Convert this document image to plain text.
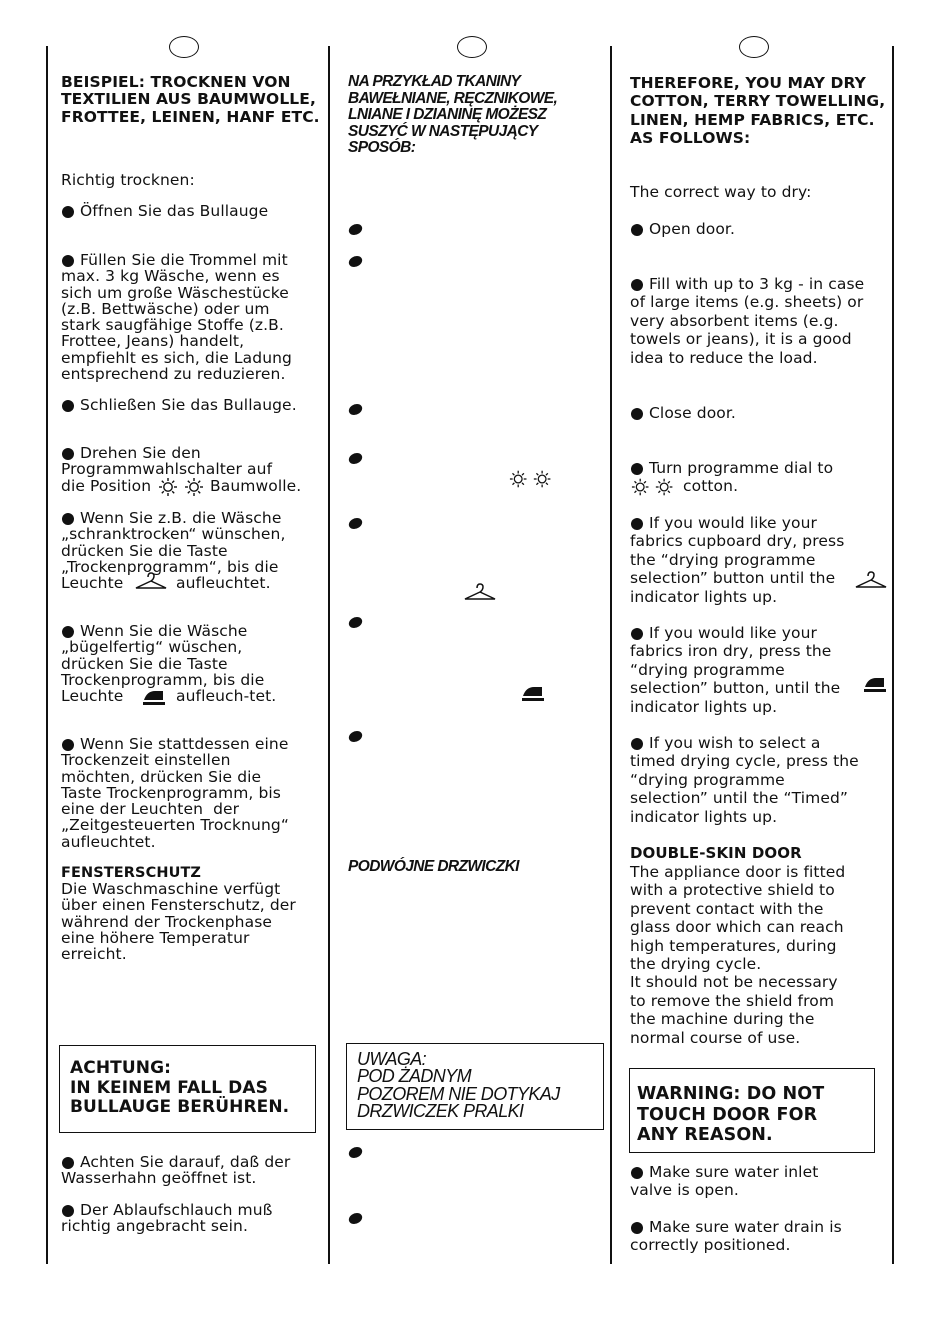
BEISPIEL: TROCKNEN VON
TEXTILIEN AUS BAUMWOLLE,
FROTTEE, LEINEN, HANF ETC.
Richtig trocknen:
Öffnen Sie das Bullauge
Füllen Sie die Trommel mit
max. 3 kg Wäsche, wenn es
sich um große Wäschestücke
(z.B. Bettwäsche) oder um
stark saugfähige Stoffe (z.B.
Frottee, Jeans) handelt,
empfiehlt es sich, die Ladung
entsprechend zu reduzieren.
Schließen Sie das Bullauge.
Drehen Sie den
Programmwahlschalter auf
die Position	Baumwolle.
Wenn Sie z.B. die Wäsche
„schranktrocken“ wünschen,
drücken Sie die Taste
„Trockenprogramm“, bis die
Leuchte	aufleuchtet.
Wenn Sie die Wäsche
„bügelfertig“ wüschen,
drücken Sie die Taste
Trockenprogramm, bis die
Leuchte	aufleuch-tet.
Wenn Sie stattdessen eine
Trockenzeit einstellen
möchten, drücken Sie die
Taste Trockenprogramm, bis
eine der Leuchten  der
„Zeitgesteuerten Trocknung“
aufleuchtet.
FENSTERSCHUTZ
Die Waschmaschine verfügt
über einen Fensterschutz, der
während der Trockenphase
eine höhere Temperatur
erreicht.
ACHTUNG:
IN KEINEM FALL DAS
BULLAUGE BERÜHREN.
Achten Sie darauf, daß der
Wasserhahn geöffnet ist.
Der Ablaufschlauch muß
richtig angebracht sein.
NA PRZYKŁAD TKANINY
BAWEŁNIANE, RĘCZNIKOWE,
LNIANE I DZIANINĘ MOŻESZ
SUSZYĆ W NASTĘPUJĄCY
SPOSÓB:
PODWÓJNE DRZWICZKI
UWAGA:
POD ŻADNYM
POZOREM NIE DOTYKAJ
DRZWICZEK PRALKI
THEREFORE, YOU MAY DRY
COTTON, TERRY TOWELLING,
LINEN, HEMP FABRICS, ETC.
AS FOLLOWS:
The correct way to dry:
Open door.
Fill with up to 3 kg - in case
of large items (e.g. sheets) or
very absorbent items (e.g.
towels or jeans), it is a good
idea to reduce the load.
Close door.
Turn programme dial to
cotton.
If you would like your
fabrics cupboard dry, press
the “drying programme
selection” button until the
indicator lights up.
If you would like your
fabrics iron dry, press the
“drying programme
selection” button, until the
indicator lights up.
If you wish to select a
timed drying cycle, press the
“drying programme
selection” until the “Timed”
indicator lights up.
DOUBLE-SKIN DOOR
The appliance door is fitted
with a protective shield to
prevent contact with the
glass door which can reach
high temperatures, during
the drying cycle.
It should not be necessary
to remove the shield from
the machine during the
normal course of use.
WARNING: DO NOT
TOUCH DOOR FOR
ANY REASON.
Make sure water inlet
valve is open.
Make sure water drain is
correctly positioned.
